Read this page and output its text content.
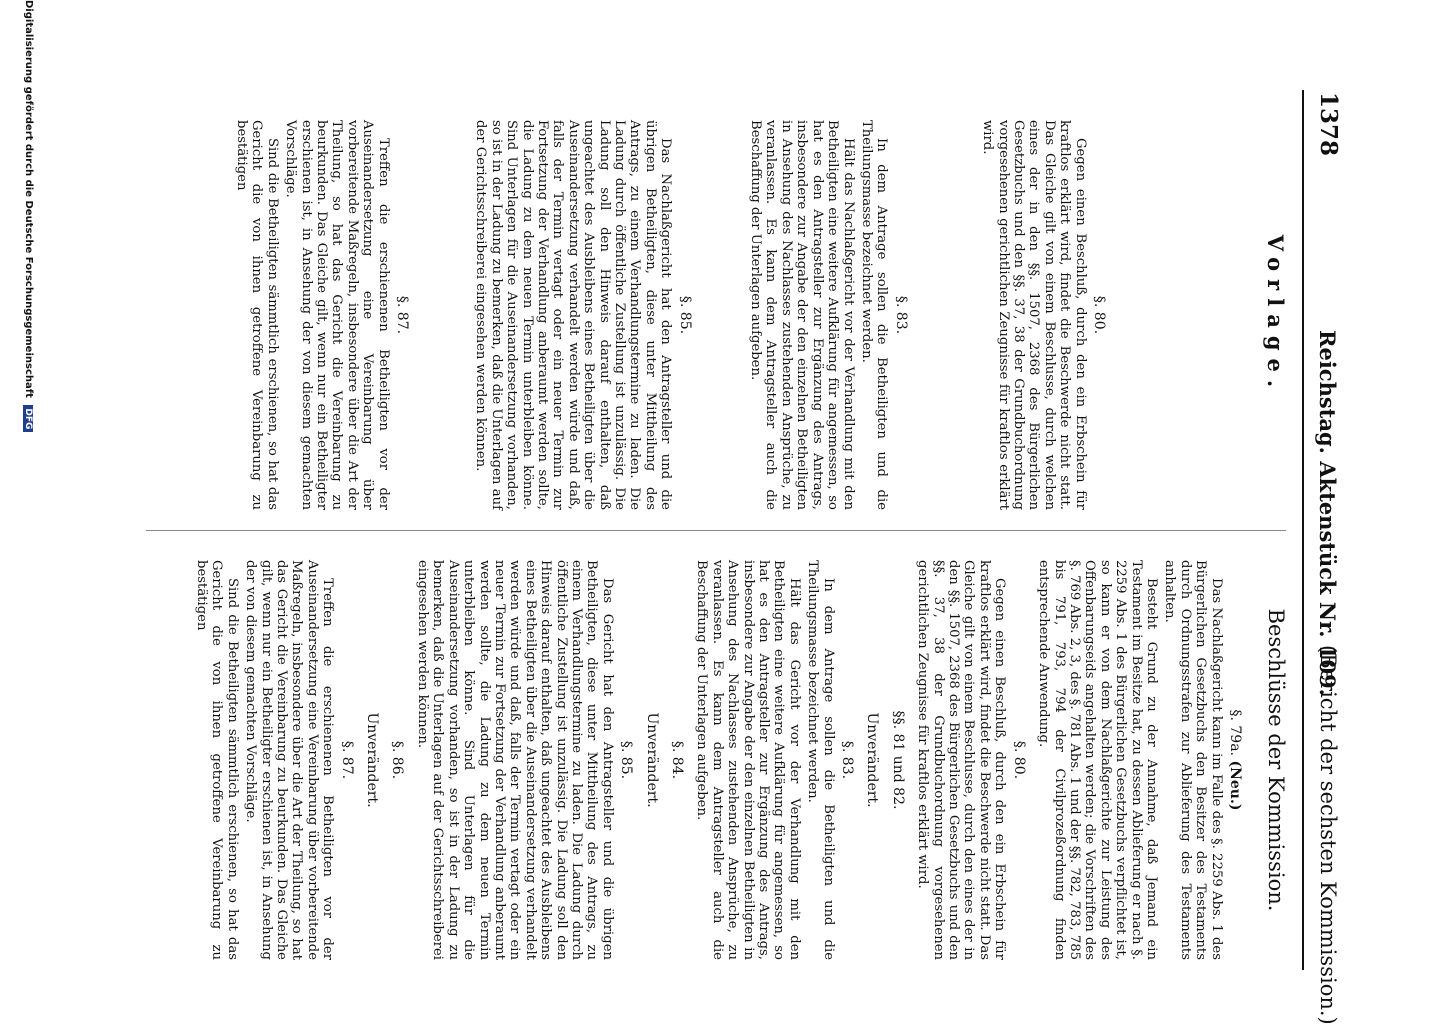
1378
Reichstag. Aktenstück Nr. 109.
(Bericht der sechsten Kommission.)
Vorlage.
Beschlüsse der Kommission.
§. 80.

Gegen einen Beschluß, durch den ein Erbschein für kraftlos erklärt wird, findet die Beschwerde nicht statt. Das Gleiche gilt von einem Beschlusse, durch welchen eines der in den §§. 1507, 2368 des Bürgerlichen Gesetzbuchs und den §§. 37, 38 der Grundbuchordnung vorgesehenen gerichtlichen Zeugnisse für kraftlos erklärt wird.

§. 83.

In dem Antrage sollen die Betheiligten und die Theilungsmasse bezeichnet werden.

Hält das Nachlaßgericht vor der Verhandlung mit den Betheiligten eine weitere Aufklärung für angemessen, so hat es den Antragsteller zur Ergänzung des Antrags, insbesondere zur Angabe der den einzelnen Betheiligten in Ansehung des Nachlasses zustehenden Ansprüche, zu veranlassen. Es kann dem Antragsteller auch die Beschaffung der Unterlagen aufgeben.

§. 85.

Das Nachlaßgericht hat den Antragsteller und die übrigen Betheiligten, diese unter Mittheilung des Antrags, zu einem Verhandlungstermine zu laden. Die Ladung durch öffentliche Zustellung ist unzulässig. Die Ladung soll den Hinweis darauf enthalten, daß ungeachtet des Ausbleibens eines Betheiligten über die Auseinandersetzung verhandelt werden würde und daß, falls der Termin vertagt oder ein neuer Termin zur Fortsetzung der Verhandlung anberaumt werden sollte, die Ladung zu dem neuen Termin unterbleiben könne. Sind Unterlagen für die Auseinandersetzung vorhanden, so ist in der Ladung zu bemerken, daß die Unterlagen auf der Gerichtsschreiberei eingesehen werden können.

§. 87.

Treffen die erschienenen Betheiligten vor der Auseinandersetzung eine Vereinbarung über vorbereitende Maßregeln, insbesondere über die Art der Theilung, so hat das Gericht die Vereinbarung zu beurkunden. Das Gleiche gilt, wenn nur ein Betheiligter erschienen ist, in Ansehung der von diesem gemachten Vorschläge.

Sind die Betheiligten sämmtlich erschienen, so hat das Gericht die von ihnen getroffene Vereinbarung zu bestätigen

§. 79a. (Neu.)

Das Nachlaßgericht kann im Falle des §. 2259 Abs. 1 des Bürgerlichen Gesetzbuchs den Besitzer des Testaments durch Ordnungsstrafen zur Ablieferung des Testaments anhalten.

Besteht Grund zu der Annahme, daß Jemand ein Testament im Besitze hat, zu dessen Ablieferung er nach §. 2259 Abs. 1 des Bürgerlichen Gesetzbuchs verpflichtet ist, so kann er von dem Nachlaßgerichte zur Leistung des Offenbarungseids angehalten werden; die Vorschriften des §. 769 Abs. 2, 3, des §. 781 Abs. 1 und der §§. 782, 783, 785 bis 791, 793, 794 der Civilprozeßordnung finden entsprechende Anwendung.

§. 80.

Gegen einen Beschluß, durch den ein Erbschein für kraftlos erklärt wird, findet die Beschwerde nicht statt. Das Gleiche gilt von einem Beschlusse, durch den eines der in den §§. 1507, 2368 des Bürgerlichen Gesetzbuchs und den §§. 37, 38 der Grundbuchordnung vorgesehenen gerichtlichen Zeugnisse für kraftlos erklärt wird.

§§. 81 und 82.
Unverändert.
§. 83.

In dem Antrage sollen die Betheiligten und die Theilungsmasse bezeichnet werden.

Hält das Gericht vor der Verhandlung mit den Betheiligten eine weitere Aufklärung für angemessen, so hat es den Antragsteller zur Ergänzung des Antrags, insbesondere zur Angabe der den einzelnen Betheiligten in Ansehung des Nachlasses zustehenden Ansprüche, zu veranlassen. Es kann dem Antragsteller auch die Beschaffung der Unterlagen aufgeben.

§. 84.
Unverändert.
§. 85.

Das Gericht hat den Antragsteller und die übrigen Betheiligten, diese unter Mittheilung des Antrags, zu einem Verhandlungstermine zu laden. Die Ladung durch öffentliche Zustellung ist unzulässig. Die Ladung soll den Hinweis darauf enthalten, daß ungeachtet des Ausbleibens eines Betheiligten über die Auseinandersetzung verhandelt werden würde und daß, falls der Termin vertagt oder ein neuer Termin zur Fortsetzung der Verhandlung anberaumt werden sollte, die Ladung zu dem neuen Termin unterbleiben könne. Sind Unterlagen für die Auseinandersetzung vorhanden, so ist in der Ladung zu bemerken, daß die Unterlagen auf der Gerichtsschreiberei eingesehen werden können.

§. 86.
Unverändert.
§. 87.

Treffen die erschienenen Betheiligten vor der Auseinandersetzung eine Vereinbarung über vorbereitende Maßregeln, insbesondere über die Art der Theilung, so hat das Gericht die Vereinbarung zu beurkunden. Das Gleiche gilt, wenn nur ein Betheiligter erschienen ist, in Ansehung der von diesem gemachten Vorschläge.

Sind die Betheiligten sämmtlich erschienen, so hat das Gericht die von ihnen getroffene Vereinbarung zu bestätigen

Digitalisierung gefördert durch die Deutsche Forschungsgemeinschaft DFG
